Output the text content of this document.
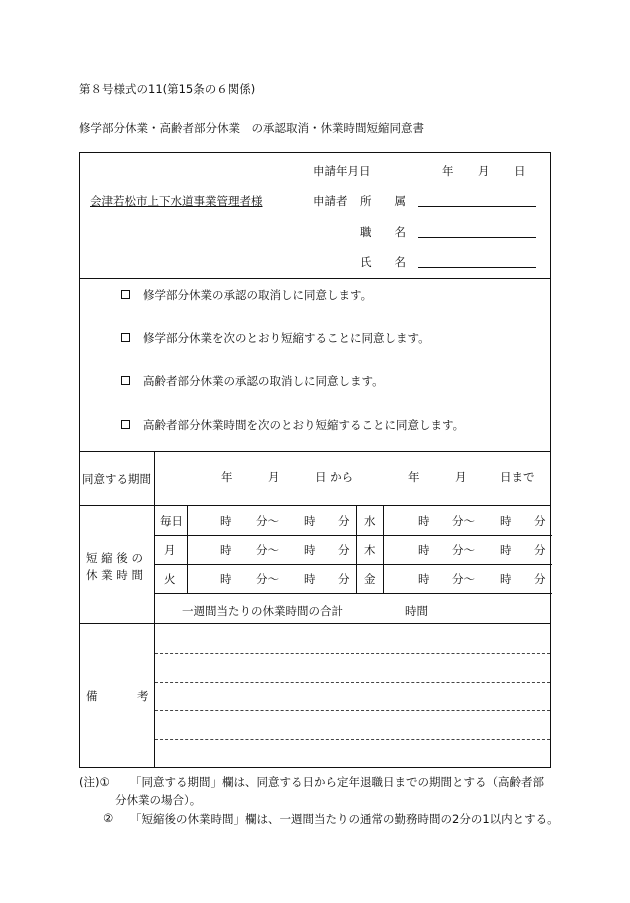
第８号様式の11(第15条の６関係)
修学部分休業・高齢者部分休業　の承認取消・休業時間短縮同意書
申請年月日	年 月 日
会津若松市上下水道事業管理者様	申請者 所　　属
職　　名
氏　　名
修学部分休業の承認の取消しに同意します。
修学部分休業を次のとおり短縮することに同意します。
高齢者部分休業の承認の取消しに同意します。
高齢者部分休業時間を次のとおり短縮することに同意します。
同意する期間	年	月	日 から	年	月	日まで
短 縮 後 の
休 業 時 間
毎日	時 分〜 時 分 水	時 分〜 時 分
月	時 分〜 時 分 木	時 分〜 時 分
火	時 分〜 時 分 金	時 分〜 時 分
一週間当たりの休業時間の合計	時間
備	考
(注)① 「同意する期間」欄は、同意する日から定年退職日までの期間とする（高齢者部
分休業の場合）。
② 「短縮後の休業時間」欄は、一週間当たりの通常の勤務時間の2分の1以内とする。
